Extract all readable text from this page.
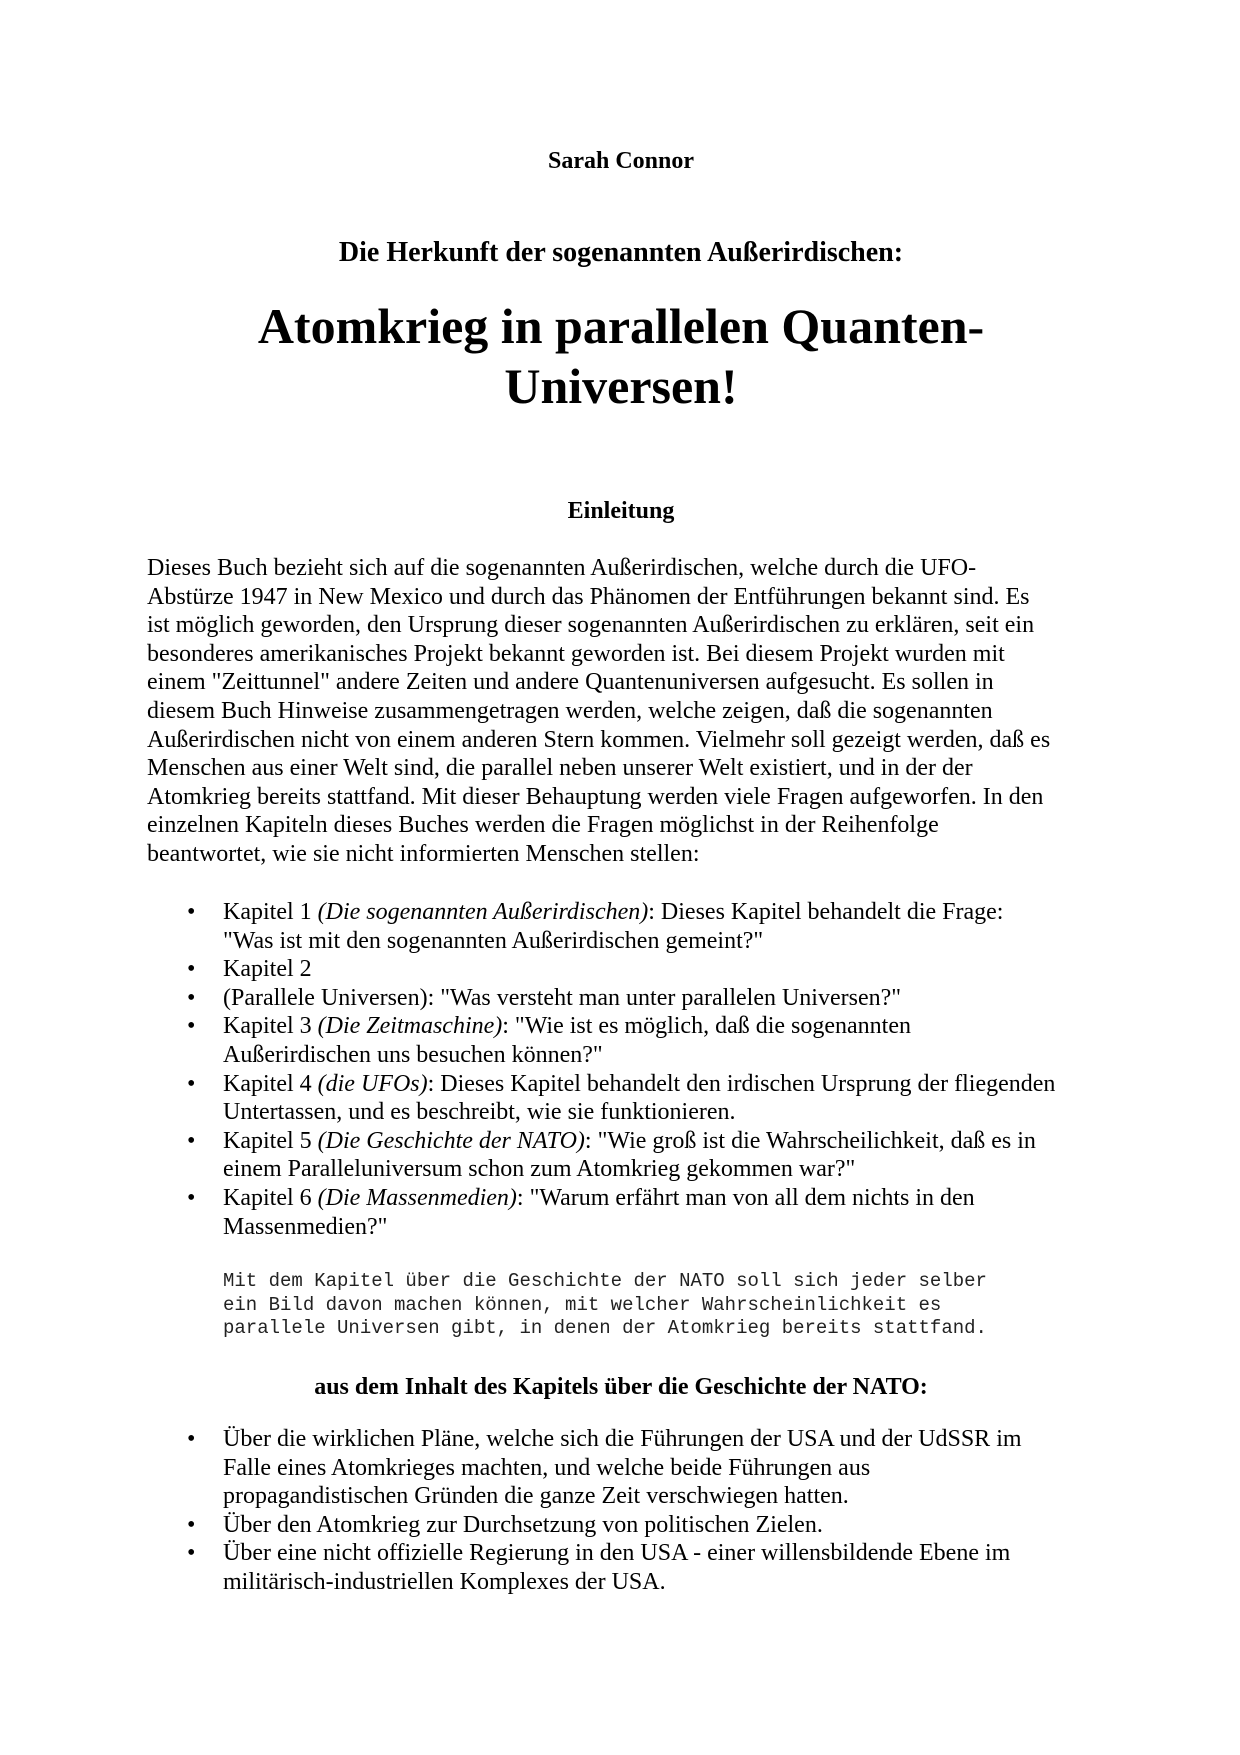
Sarah Connor
Die Herkunft der sogenannten Außerirdischen:
Atomkrieg in parallelen Quanten-
Universen!
Einleitung
Dieses Buch bezieht sich auf die sogenannten Außerirdischen, welche durch die UFO-
Abstürze 1947 in New Mexico und durch das Phänomen der Entführungen bekannt sind. Es
ist möglich geworden, den Ursprung dieser sogenannten Außerirdischen zu erklären, seit ein
besonderes amerikanisches Projekt bekannt geworden ist. Bei diesem Projekt wurden mit
einem "Zeittunnel" andere Zeiten und andere Quantenuniversen aufgesucht. Es sollen in
diesem Buch Hinweise zusammengetragen werden, welche zeigen, daß die sogenannten
Außerirdischen nicht von einem anderen Stern kommen. Vielmehr soll gezeigt werden, daß es
Menschen aus einer Welt sind, die parallel neben unserer Welt existiert, und in der der
Atomkrieg bereits stattfand. Mit dieser Behauptung werden viele Fragen aufgeworfen. In den
einzelnen Kapiteln dieses Buches werden die Fragen möglichst in der Reihenfolge
beantwortet, wie sie nicht informierten Menschen stellen:
• Kapitel 1 (Die sogenannten Außerirdischen): Dieses Kapitel behandelt die Frage:
"Was ist mit den sogenannten Außerirdischen gemeint?"
• Kapitel 2
• (Parallele Universen): "Was versteht man unter parallelen Universen?"
• Kapitel 3 (Die Zeitmaschine): "Wie ist es möglich, daß die sogenannten
Außerirdischen uns besuchen können?"
• Kapitel 4 (die UFOs): Dieses Kapitel behandelt den irdischen Ursprung der fliegenden
Untertassen, und es beschreibt, wie sie funktionieren.
• Kapitel 5 (Die Geschichte der NATO): "Wie groß ist die Wahrscheilichkeit, daß es in
einem Paralleluniversum schon zum Atomkrieg gekommen war?"
• Kapitel 6 (Die Massenmedien): "Warum erfährt man von all dem nichts in den
Massenmedien?"
Mit dem Kapitel über die Geschichte der NATO soll sich jeder selber
ein Bild davon machen können, mit welcher Wahrscheinlichkeit es
parallele Universen gibt, in denen der Atomkrieg bereits stattfand.
aus dem Inhalt des Kapitels über die Geschichte der NATO:
• Über die wirklichen Pläne, welche sich die Führungen der USA und der UdSSR im
Falle eines Atomkrieges machten, und welche beide Führungen aus
propagandistischen Gründen die ganze Zeit verschwiegen hatten.
• Über den Atomkrieg zur Durchsetzung von politischen Zielen.
• Über eine nicht offizielle Regierung in den USA - einer willensbildende Ebene im
militärisch-industriellen Komplexes der USA.
